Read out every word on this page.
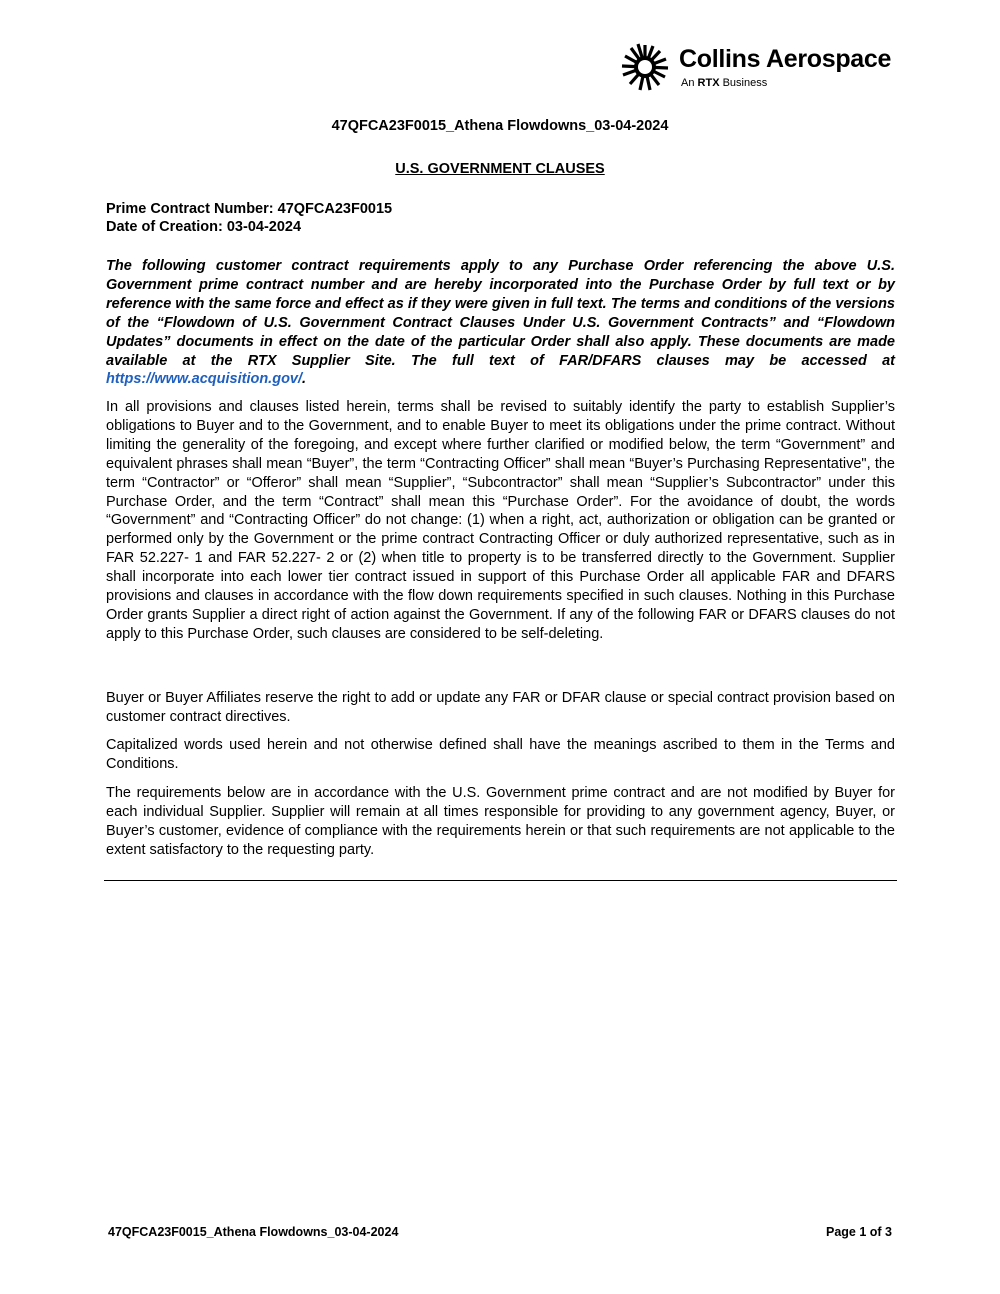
Collins Aerospace
An RTX Business
47QFCA23F0015_Athena Flowdowns_03-04-2024
U.S. GOVERNMENT CLAUSES
Prime Contract Number: 47QFCA23F0015
Date of Creation: 03-04-2024
The following customer contract requirements apply to any Purchase Order referencing the above U.S. Government prime contract number and are hereby incorporated into the Purchase Order by full text or by reference with the same force and effect as if they were given in full text. The terms and conditions of the versions of the “Flowdown of U.S. Government Contract Clauses Under U.S. Government Contracts” and “Flowdown Updates” documents in effect on the date of the particular Order shall also apply. These documents are made available at the RTX Supplier Site. The full text of FAR/DFARS clauses may be accessed at https://www.acquisition.gov/.

In all provisions and clauses listed herein, terms shall be revised to suitably identify the party to establish Supplier’s obligations to Buyer and to the Government, and to enable Buyer to meet its obligations under the prime contract. Without limiting the generality of the foregoing, and except where further clarified or modified below, the term “Government” and equivalent phrases shall mean “Buyer”, the term “Contracting Officer” shall mean “Buyer’s Purchasing Representative", the term “Contractor” or “Offeror” shall mean “Supplier”, “Subcontractor” shall mean “Supplier’s Subcontractor” under this Purchase Order, and the term “Contract” shall mean this “Purchase Order”. For the avoidance of doubt, the words “Government” and “Contracting Officer” do not change: (1) when a right, act, authorization or obligation can be granted or performed only by the Government or the prime contract Contracting Officer or duly authorized representative, such as in FAR 52.227- 1 and FAR 52.227- 2 or (2) when title to property is to be transferred directly to the Government. Supplier shall incorporate into each lower tier contract issued in support of this Purchase Order all applicable FAR and DFARS provisions and clauses in accordance with the flow down requirements specified in such clauses. Nothing in this Purchase Order grants Supplier a direct right of action against the Government. If any of the following FAR or DFARS clauses do not apply to this Purchase Order, such clauses are considered to be self-deleting.

Buyer or Buyer Affiliates reserve the right to add or update any FAR or DFAR clause or special contract provision based on customer contract directives.

Capitalized words used herein and not otherwise defined shall have the meanings ascribed to them in the Terms and Conditions.

The requirements below are in accordance with the U.S. Government prime contract and are not modified by Buyer for each individual Supplier. Supplier will remain at all times responsible for providing to any government agency, Buyer, or Buyer’s customer, evidence of compliance with the requirements herein or that such requirements are not applicable to the extent satisfactory to the requesting party.

47QFCA23F0015_Athena Flowdowns_03-04-2024	Page 1 of 3
